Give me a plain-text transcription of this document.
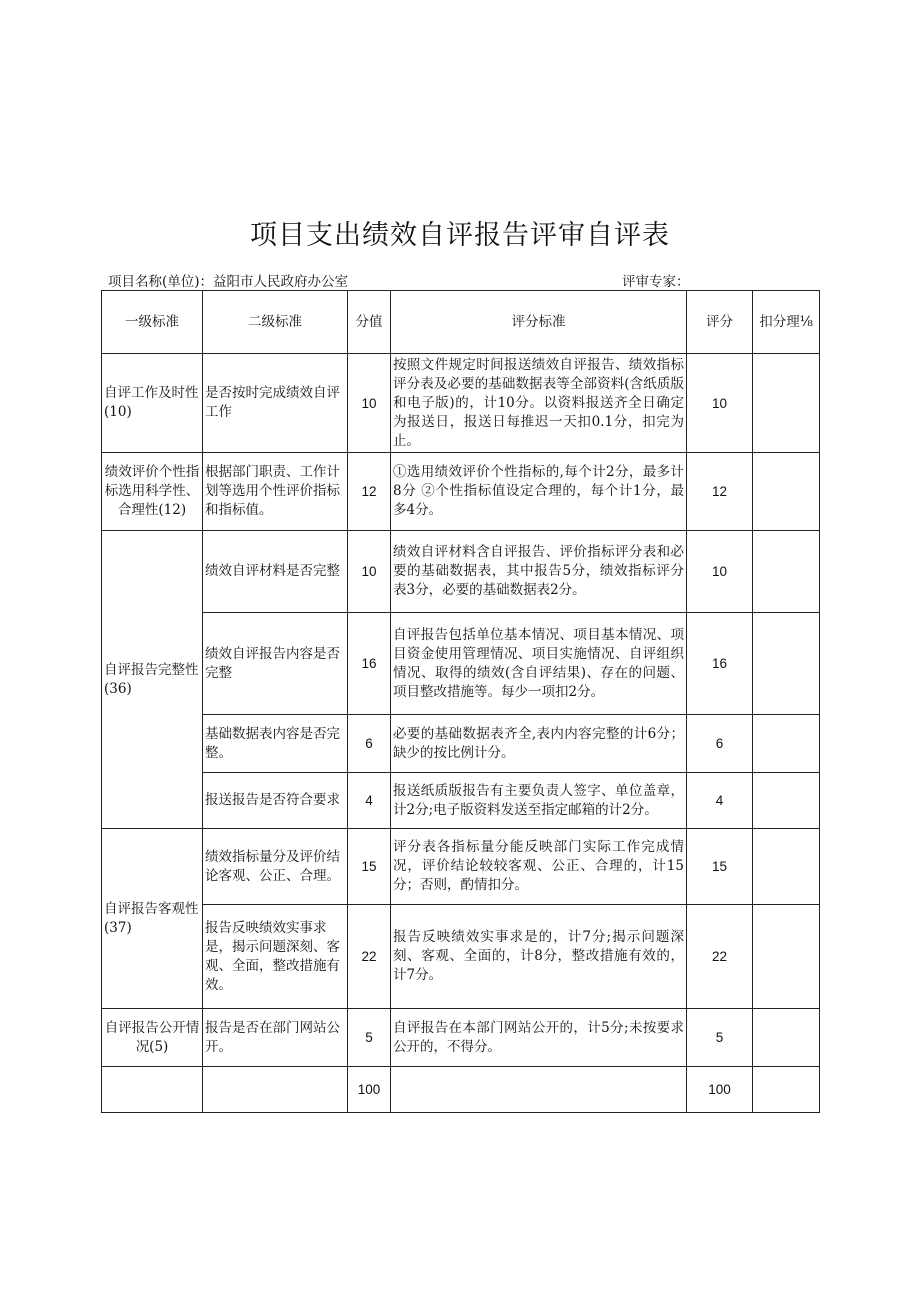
项目支出绩效自评报告评审自评表
项目名称(单位)：益阳市人民政府办公室	评审专家：
一级标准	二级标准	分值	评分标准	评分	扣分理⅛
自评工作及时性(10)	是否按时完成绩效自评工作	10	按照文件规定时间报送绩效自评报告、绩效指标评分表及必要的基础数据表等全部资料(含纸质版和电子版)的，计10分。以资料报送齐全日确定为报送日，报送日每推迟一天扣0.1分，扣完为止。	10	
绩效评价个性指标选用科学性、合理性(12)	根据部门职责、工作计划等选用个性评价指标和指标值。	12	①选用绩效评价个性指标的,每个计2分，最多计8分 ②个性指标值设定合理的，每个计1分，最多4分。	12	
自评报告完整性(36)	绩效自评材料是否完整	10	绩效自评材料含自评报告、评价指标评分表和必要的基础数据表，其中报告5分，绩效指标评分表3分，必要的基础数据表2分。	10	
	绩效自评报告内容是否完整	16	自评报告包括单位基本情况、项目基本情况、项目资金使用管理情况、项目实施情况、自评组织情况、取得的绩效(含自评结果)、存在的问题、项目整改措施等。每少一项扣2分。	16	
	基础数据表内容是否完整。	6	必要的基础数据表齐全,表内内容完整的计6分；缺少的按比例计分。	6	
	报送报告是否符合要求	4	报送纸质版报告有主要负责人签字、单位盖章，计2分;电子版资料发送至指定邮箱的计2分。	4	
自评报告客观性(37)	绩效指标量分及评价结论客观、公正、合理。	15	评分表各指标量分能反映部门实际工作完成情况，评价结论较较客观、公正、合理的，计15分；否则，酌情扣分。	15	
	报告反映绩效实事求是，揭示问题深刻、客观、全面，整改措施有效。	22	报告反映绩效实事求是的，计7分;揭示问题深刻、客观、全面的，计8分，整改措施有效的，计7分。	22	
自评报告公开情况(5)	报告是否在部门网站公开。	5	自评报告在本部门网站公开的，计5分;未按要求公开的，不得分。	5	
		100		100	
